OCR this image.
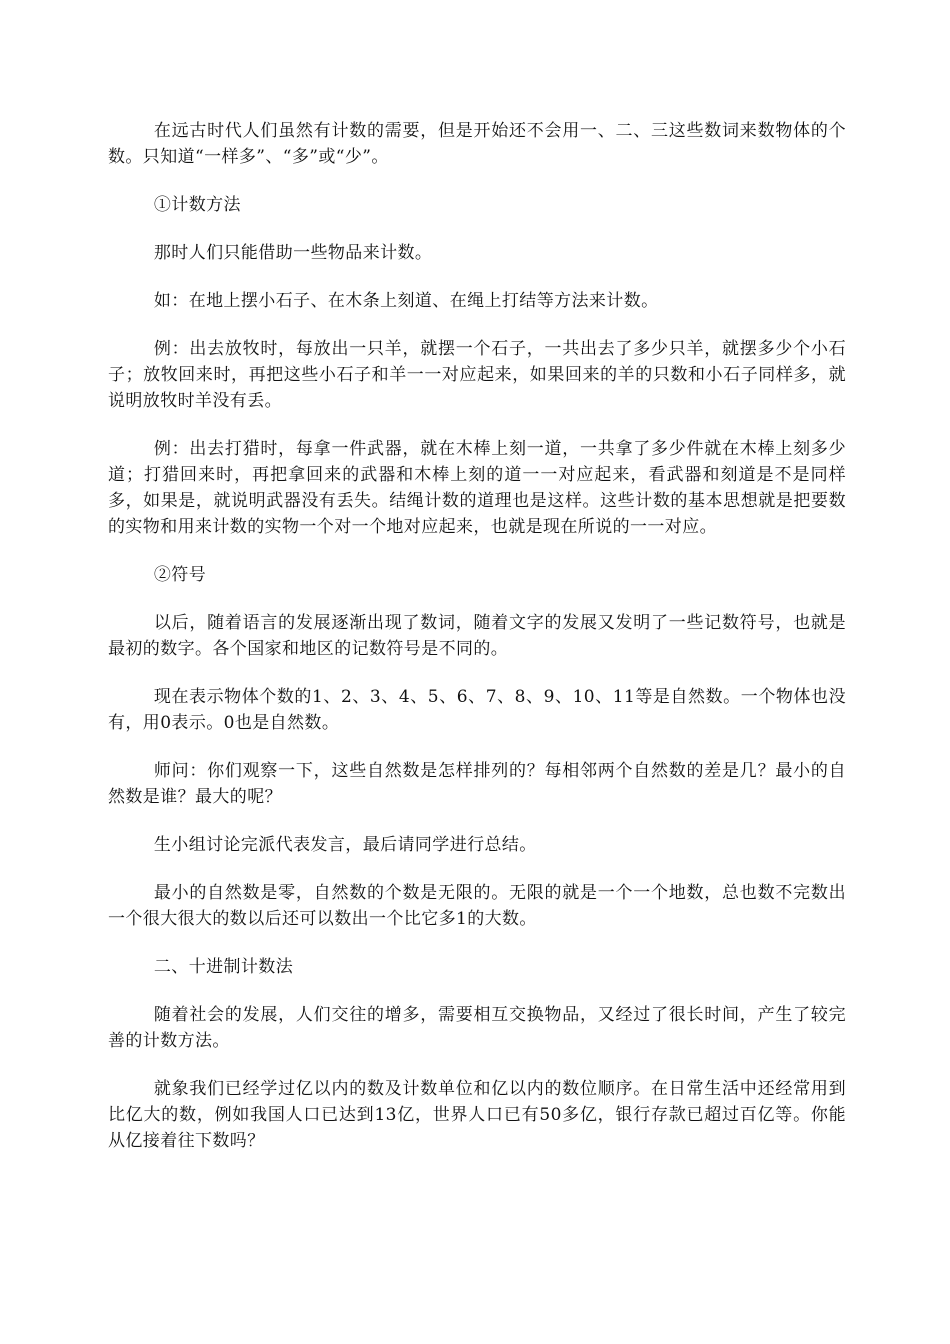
在远古时代人们虽然有计数的需要，但是开始还不会用一、二、三这些数词来数物体的个数。只知道“一样多”、“多”或“少”。

①计数方法

那时人们只能借助一些物品来计数。

如：在地上摆小石子、在木条上刻道、在绳上打结等方法来计数。

例：出去放牧时，每放出一只羊，就摆一个石子，一共出去了多少只羊，就摆多少个小石子；放牧回来时，再把这些小石子和羊一一对应起来，如果回来的羊的只数和小石子同样多，就说明放牧时羊没有丢。

例：出去打猎时，每拿一件武器，就在木棒上刻一道，一共拿了多少件就在木棒上刻多少道；打猎回来时，再把拿回来的武器和木棒上刻的道一一对应起来，看武器和刻道是不是同样多，如果是，就说明武器没有丢失。结绳计数的道理也是这样。这些计数的基本思想就是把要数的实物和用来计数的实物一个对一个地对应起来，也就是现在所说的一一对应。

②符号

以后，随着语言的发展逐渐出现了数词，随着文字的发展又发明了一些记数符号，也就是最初的数字。各个国家和地区的记数符号是不同的。

现在表示物体个数的1、2、3、4、5、6、7、8、9、10、11等是自然数。一个物体也没有，用0表示。0也是自然数。

师问：你们观察一下，这些自然数是怎样排列的？每相邻两个自然数的差是几？最小的自然数是谁？最大的呢？

生小组讨论完派代表发言，最后请同学进行总结。

最小的自然数是零，自然数的个数是无限的。无限的就是一个一个地数，总也数不完数出一个很大很大的数以后还可以数出一个比它多1的大数。

二、十进制计数法

随着社会的发展，人们交往的增多，需要相互交换物品，又经过了很长时间，产生了较完善的计数方法。

就象我们已经学过亿以内的数及计数单位和亿以内的数位顺序。在日常生活中还经常用到比亿大的数，例如我国人口已达到13亿，世界人口已有50多亿，银行存款已超过百亿等。你能从亿接着往下数吗？
